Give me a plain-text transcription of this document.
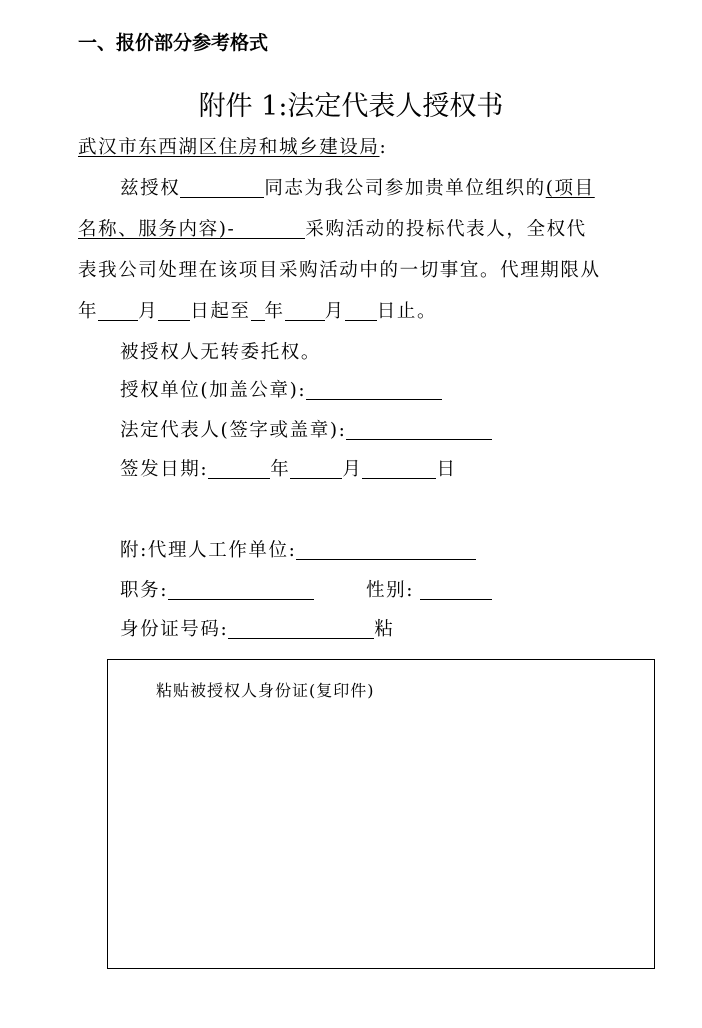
一、报价部分参考格式
附件 1:法定代表人授权书
武汉市东西湖区住房和城乡建设局:
兹授权	同志为我公司参加贵单位组织的(项目
名称、服务内容)-	采购活动的投标代表人，全权代
表我公司处理在该项目采购活动中的一切事宜。代理期限从
年 月 日起至 年 月 日止。
被授权人无转委托权。
授权单位(加盖公章):
法定代表人(签字或盖章):
签发日期:	年	月	日
附:代理人工作单位:
职务:	性别:
身份证号码:	粘
粘贴被授权人身份证(复印件)
